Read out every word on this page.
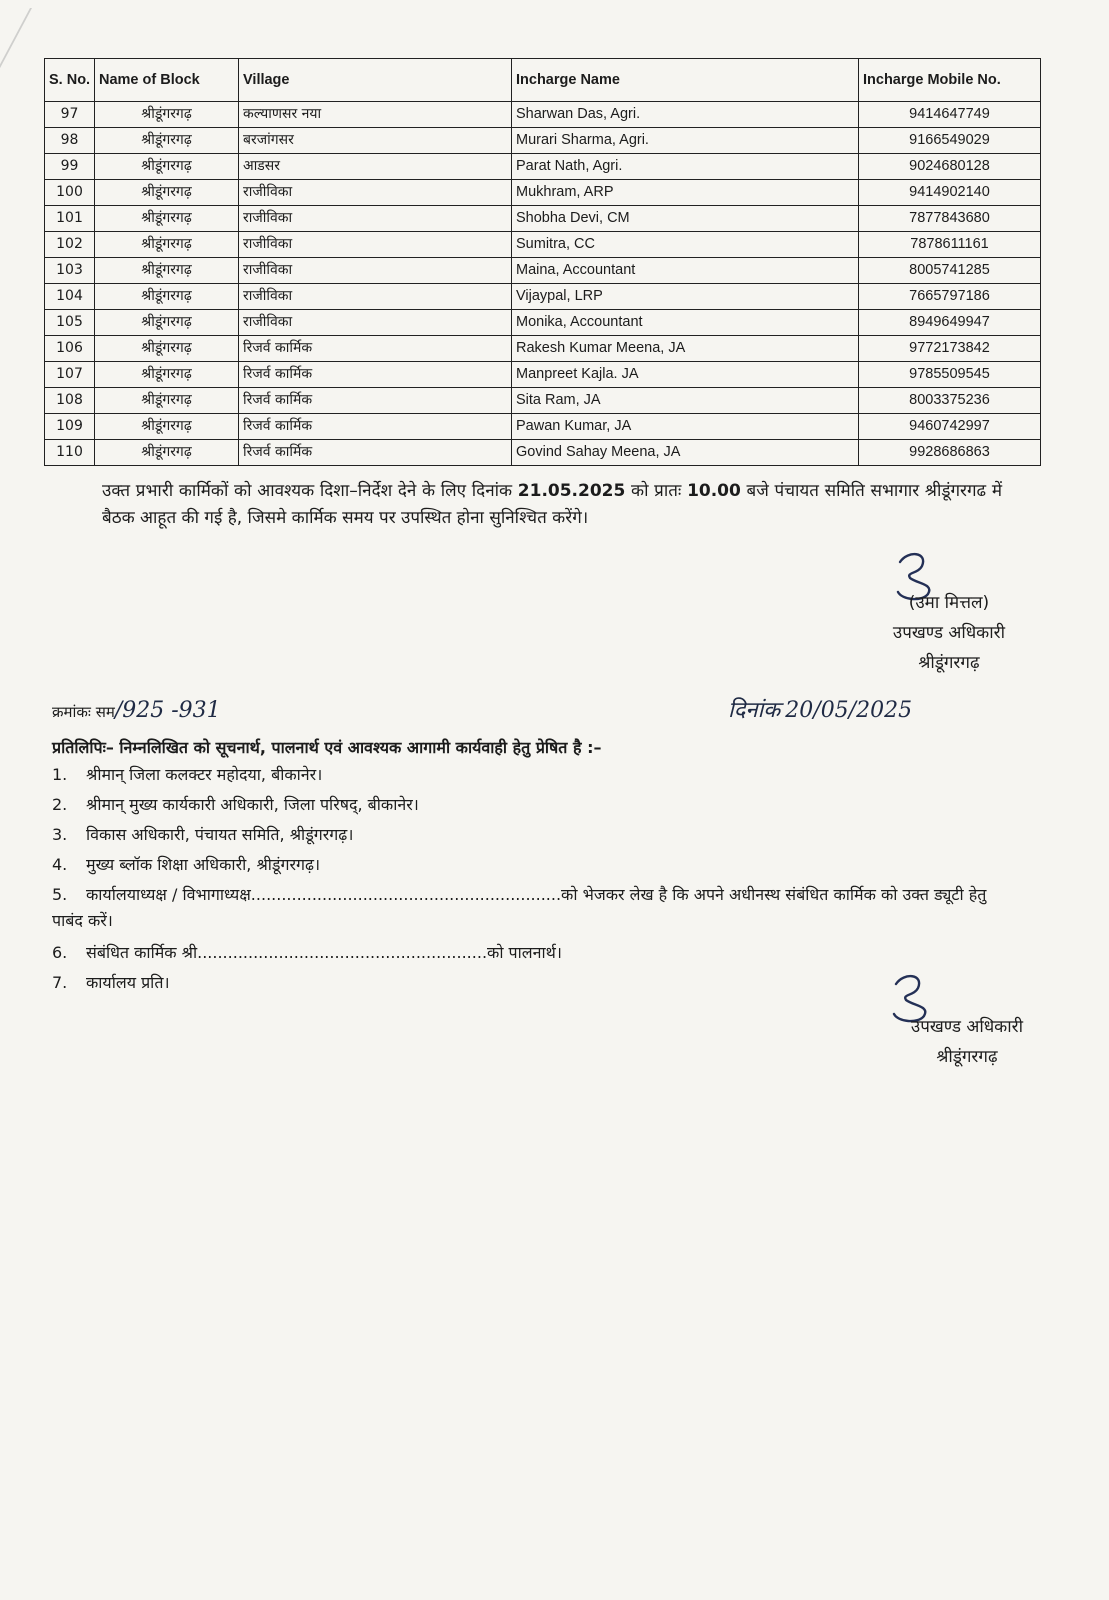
S. No.	Name of Block	Village	Incharge Name	Incharge Mobile No.
97	श्रीडूंगरगढ़	कल्याणसर नया	Sharwan Das, Agri.	9414647749
98	श्रीडूंगरगढ़	बरजांगसर	Murari Sharma, Agri.	9166549029
99	श्रीडूंगरगढ़	आडसर	Parat Nath, Agri.	9024680128
100	श्रीडूंगरगढ़	राजीविका	Mukhram, ARP	9414902140
101	श्रीडूंगरगढ़	राजीविका	Shobha Devi, CM	7877843680
102	श्रीडूंगरगढ़	राजीविका	Sumitra, CC	7878611161
103	श्रीडूंगरगढ़	राजीविका	Maina, Accountant	8005741285
104	श्रीडूंगरगढ़	राजीविका	Vijaypal, LRP	7665797186
105	श्रीडूंगरगढ़	राजीविका	Monika, Accountant	8949649947
106	श्रीडूंगरगढ़	रिजर्व कार्मिक	Rakesh Kumar Meena, JA	9772173842
107	श्रीडूंगरगढ़	रिजर्व कार्मिक	Manpreet Kajla. JA	9785509545
108	श्रीडूंगरगढ़	रिजर्व कार्मिक	Sita Ram, JA	8003375236
109	श्रीडूंगरगढ़	रिजर्व कार्मिक	Pawan Kumar, JA	9460742997
110	श्रीडूंगरगढ़	रिजर्व कार्मिक	Govind Sahay Meena, JA	9928686863
उक्त प्रभारी कार्मिकों को आवश्यक दिशा–निर्देश देने के लिए दिनांक 21.05.2025 को प्रातः 10.00 बजे पंचायत समिति सभागार श्रीडूंगरगढ में बैठक आहूत की गई है, जिसमे कार्मिक समय पर उपस्थित होना सुनिश्चित करेंगे।
(उमा मित्तल)
उपखण्ड अधिकारी
श्रीडूंगरगढ़
क्रमांकः सम/925 -931	दिनांक 20/05/2025
प्रतिलिपिः– निम्नलिखित को सूचनार्थ, पालनार्थ एवं आवश्यक आगामी कार्यवाही हेतु प्रेषित है :–
1. श्रीमान् जिला कलक्टर महोदया, बीकानेर।
2. श्रीमान् मुख्य कार्यकारी अधिकारी, जिला परिषद्, बीकानेर।
3. विकास अधिकारी, पंचायत समिति, श्रीडूंगरगढ़।
4. मुख्य ब्लॉक शिक्षा अधिकारी, श्रीडूंगरगढ़।
5. कार्यालयाध्यक्ष / विभागाध्यक्ष.............................................................को भेजकर लेख है कि अपने अधीनस्थ संबंधित कार्मिक को उक्त ड्यूटी हेतु पाबंद करें।
6. संबंधित कार्मिक श्री.........................................................को पालनार्थ।
7. कार्यालय प्रति।
उपखण्ड अधिकारी
श्रीडूंगरगढ़
